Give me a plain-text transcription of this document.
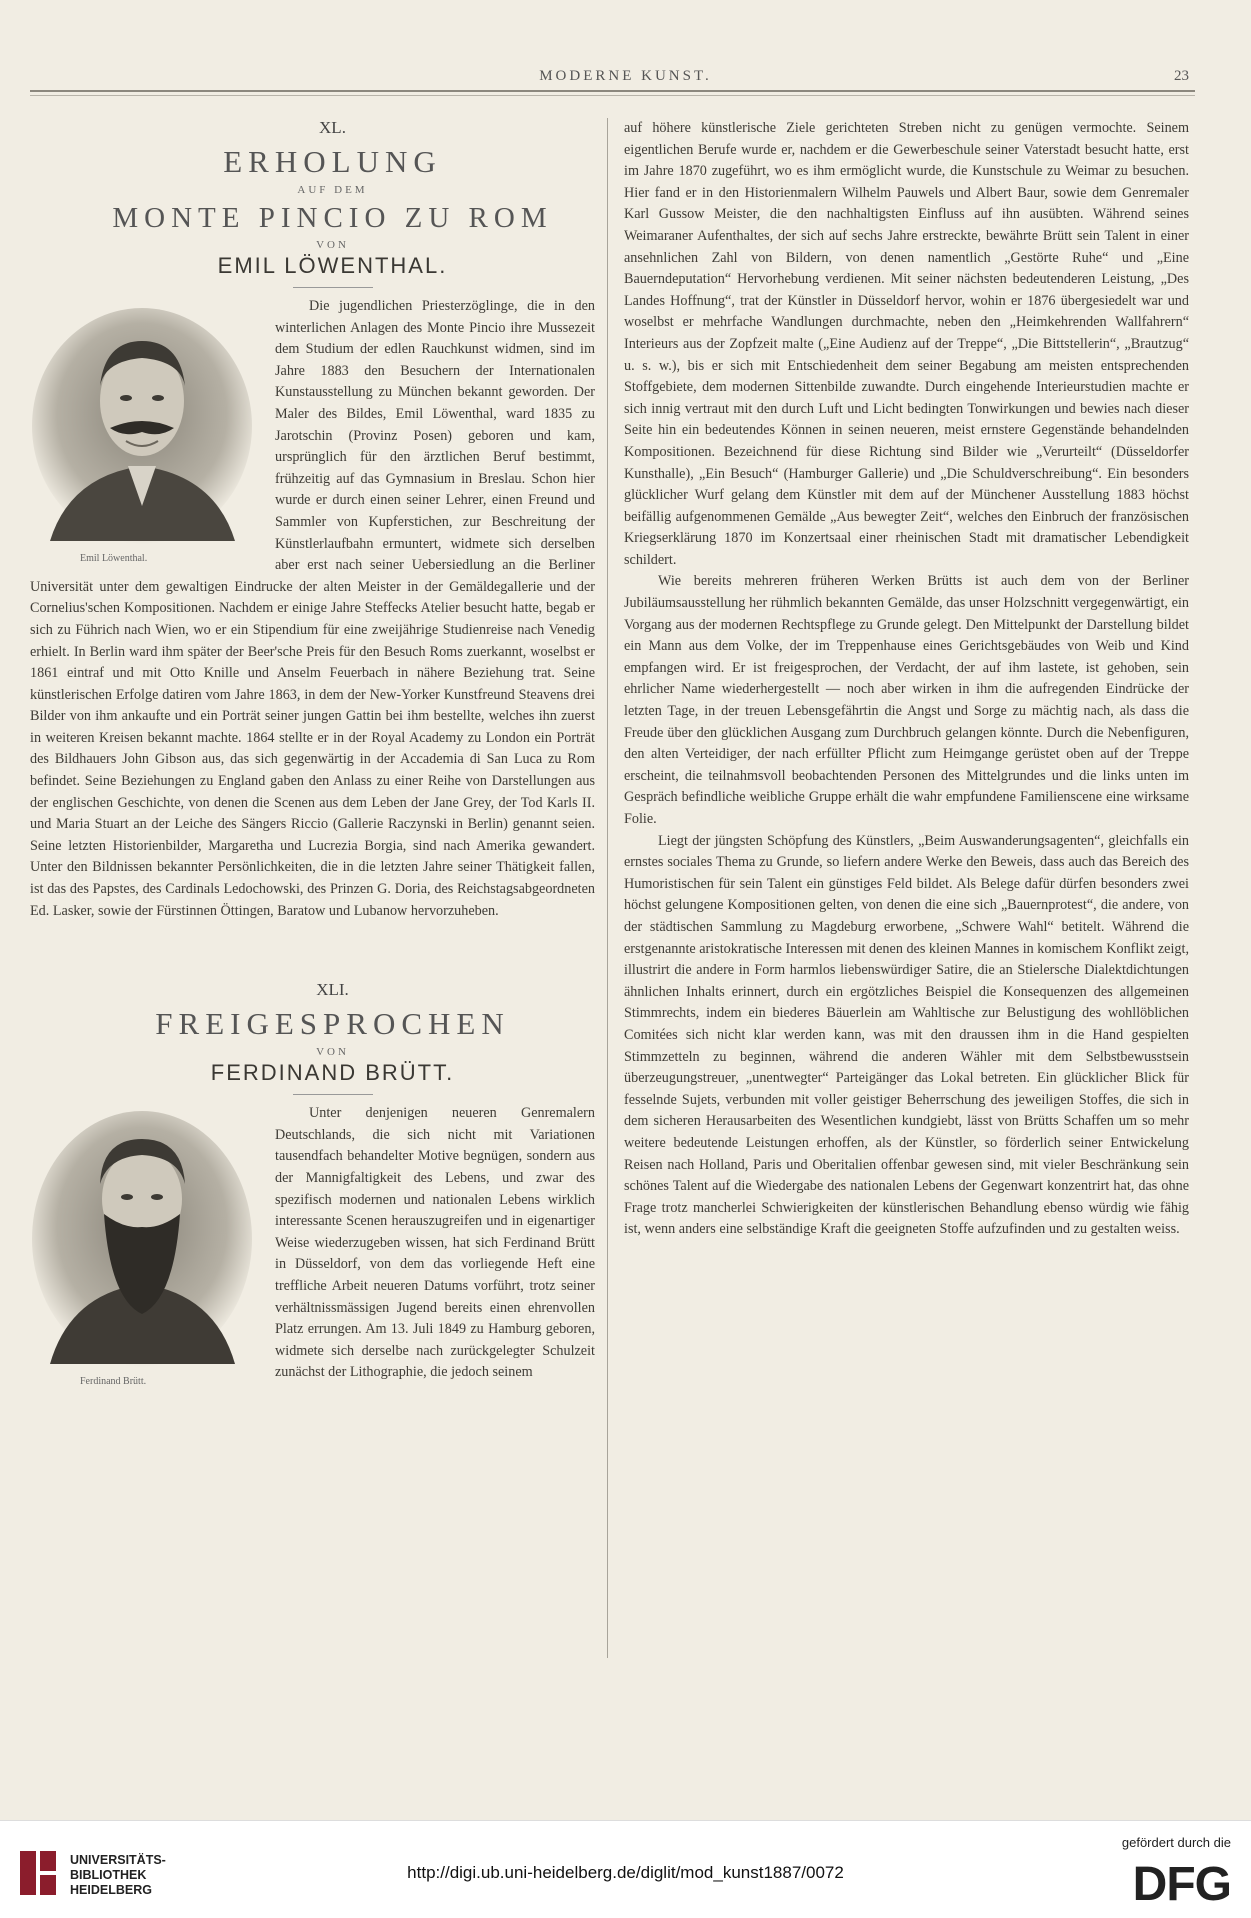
MODERNE KUNST.	23
XL.
ERHOLUNG
AUF DEM
MONTE PINCIO ZU ROM
VON
EMIL LÖWENTHAL.
Emil Löwenthal.

Die jugendlichen Priesterzöglinge, die in den winterlichen Anlagen des Monte Pincio ihre Mussezeit dem Studium der edlen Rauchkunst widmen, sind im Jahre 1883 den Besuchern der Internationalen Kunstausstellung zu München bekannt geworden. Der Maler des Bildes, Emil Löwenthal, ward 1835 zu Jarotschin (Provinz Posen) geboren und kam, ursprünglich für den ärztlichen Beruf bestimmt, frühzeitig auf das Gymnasium in Breslau. Schon hier wurde er durch einen seiner Lehrer, einen Freund und Sammler von Kupferstichen, zur Beschreitung der Künstlerlaufbahn ermuntert, widmete sich derselben aber erst nach seiner Uebersiedlung an die Berliner Universität unter dem gewaltigen Eindrucke der alten Meister in der Gemäldegallerie und der Cornelius'schen Kompositionen. Nachdem er einige Jahre Steffecks Atelier besucht hatte, begab er sich zu Führich nach Wien, wo er ein Stipendium für eine zweijährige Studienreise nach Venedig erhielt. In Berlin ward ihm später der Beer'sche Preis für den Besuch Roms zuerkannt, woselbst er 1861 eintraf und mit Otto Knille und Anselm Feuerbach in nähere Beziehung trat. Seine künstlerischen Erfolge datiren vom Jahre 1863, in dem der New-Yorker Kunstfreund Steavens drei Bilder von ihm ankaufte und ein Porträt seiner jungen Gattin bei ihm bestellte, welches ihn zuerst in weiteren Kreisen bekannt machte. 1864 stellte er in der Royal Academy zu London ein Porträt des Bildhauers John Gibson aus, das sich gegenwärtig in der Accademia di San Luca zu Rom befindet. Seine Beziehungen zu England gaben den Anlass zu einer Reihe von Darstellungen aus der englischen Geschichte, von denen die Scenen aus dem Leben der Jane Grey, der Tod Karls II. und Maria Stuart an der Leiche des Sängers Riccio (Gallerie Raczynski in Berlin) genannt seien. Seine letzten Historienbilder, Margaretha und Lucrezia Borgia, sind nach Amerika gewandert. Unter den Bildnissen bekannter Persönlichkeiten, die in die letzten Jahre seiner Thätigkeit fallen, ist das des Papstes, des Cardinals Ledochowski, des Prinzen G. Doria, des Reichstagsabgeordneten Ed. Lasker, sowie der Fürstinnen Öttingen, Baratow und Lubanow hervorzuheben.

XLI.
FREIGESPROCHEN
VON
FERDINAND BRÜTT.
Ferdinand Brütt.

Unter denjenigen neueren Genremalern Deutschlands, die sich nicht mit Variationen tausendfach behandelter Motive begnügen, sondern aus der Mannigfaltigkeit des Lebens, und zwar des spezifisch modernen und nationalen Lebens wirklich interessante Scenen herauszugreifen und in eigenartiger Weise wiederzugeben wissen, hat sich Ferdinand Brütt in Düsseldorf, von dem das vorliegende Heft eine treffliche Arbeit neueren Datums vorführt, trotz seiner verhältnissmässigen Jugend bereits einen ehrenvollen Platz errungen. Am 13. Juli 1849 zu Hamburg geboren, widmete sich derselbe nach zurückgelegter Schulzeit zunächst der Lithographie, die jedoch seinem

auf höhere künstlerische Ziele gerichteten Streben nicht zu genügen vermochte. Seinem eigentlichen Berufe wurde er, nachdem er die Gewerbeschule seiner Vaterstadt besucht hatte, erst im Jahre 1870 zugeführt, wo es ihm ermöglicht wurde, die Kunstschule zu Weimar zu besuchen. Hier fand er in den Historienmalern Wilhelm Pauwels und Albert Baur, sowie dem Genremaler Karl Gussow Meister, die den nachhaltigsten Einfluss auf ihn ausübten. Während seines Weimaraner Aufenthaltes, der sich auf sechs Jahre erstreckte, bewährte Brütt sein Talent in einer ansehnlichen Zahl von Bildern, von denen namentlich „Gestörte Ruhe“ und „Eine Bauerndeputation“ Hervorhebung verdienen. Mit seiner nächsten bedeutenderen Leistung, „Des Landes Hoffnung“, trat der Künstler in Düsseldorf hervor, wohin er 1876 übergesiedelt war und woselbst er mehrfache Wandlungen durchmachte, neben den „Heimkehrenden Wallfahrern“ Interieurs aus der Zopfzeit malte („Eine Audienz auf der Treppe“, „Die Bittstellerin“, „Brautzug“ u. s. w.), bis er sich mit Entschiedenheit dem seiner Begabung am meisten entsprechenden Stoffgebiete, dem modernen Sittenbilde zuwandte. Durch eingehende Interieurstudien machte er sich innig vertraut mit den durch Luft und Licht bedingten Tonwirkungen und bewies nach dieser Seite hin ein bedeutendes Können in seinen neueren, meist ernstere Gegenstände behandelnden Kompositionen. Bezeichnend für diese Richtung sind Bilder wie „Verurteilt“ (Düsseldorfer Kunsthalle), „Ein Besuch“ (Hamburger Gallerie) und „Die Schuldverschreibung“. Ein besonders glücklicher Wurf gelang dem Künstler mit dem auf der Münchener Ausstellung 1883 höchst beifällig aufgenommenen Gemälde „Aus bewegter Zeit“, welches den Einbruch der französischen Kriegserklärung 1870 im Konzertsaal einer rheinischen Stadt mit dramatischer Lebendigkeit schildert.

Wie bereits mehreren früheren Werken Brütts ist auch dem von der Berliner Jubiläumsausstellung her rühmlich bekannten Gemälde, das unser Holzschnitt vergegenwärtigt, ein Vorgang aus der modernen Rechtspflege zu Grunde gelegt. Den Mittelpunkt der Darstellung bildet ein Mann aus dem Volke, der im Treppenhause eines Gerichtsgebäudes von Weib und Kind empfangen wird. Er ist freigesprochen, der Verdacht, der auf ihm lastete, ist gehoben, sein ehrlicher Name wiederhergestellt — noch aber wirken in ihm die aufregenden Eindrücke der letzten Tage, in der treuen Lebensgefährtin die Angst und Sorge zu mächtig nach, als dass die Freude über den glücklichen Ausgang zum Durchbruch gelangen könnte. Durch die Nebenfiguren, den alten Verteidiger, der nach erfüllter Pflicht zum Heimgange gerüstet oben auf der Treppe erscheint, die teilnahmsvoll beobachtenden Personen des Mittelgrundes und die links unten im Gespräch befindliche weibliche Gruppe erhält die wahr empfundene Familienscene eine wirksame Folie.

Liegt der jüngsten Schöpfung des Künstlers, „Beim Auswanderungsagenten“, gleichfalls ein ernstes sociales Thema zu Grunde, so liefern andere Werke den Beweis, dass auch das Bereich des Humoristischen für sein Talent ein günstiges Feld bildet. Als Belege dafür dürfen besonders zwei höchst gelungene Kompositionen gelten, von denen die eine sich „Bauernprotest“, die andere, von der städtischen Sammlung zu Magdeburg erworbene, „Schwere Wahl“ betitelt. Während die erstgenannte aristokratische Interessen mit denen des kleinen Mannes in komischem Konflikt zeigt, illustrirt die andere in Form harmlos liebenswürdiger Satire, die an Stielersche Dialektdichtungen ähnlichen Inhalts erinnert, durch ein ergötzliches Beispiel die Konsequenzen des allgemeinen Stimmrechts, indem ein biederes Bäuerlein am Wahltische zur Belustigung des wohllöblichen Comitées sich nicht klar werden kann, was mit den draussen ihm in die Hand gespielten Stimmzetteln zu beginnen, während die anderen Wähler mit dem Selbstbewusstsein überzeugungstreuer, „unentwegter“ Parteigänger das Lokal betreten. Ein glücklicher Blick für fesselnde Sujets, verbunden mit voller geistiger Beherrschung des jeweiligen Stoffes, die sich in dem sicheren Herausarbeiten des Wesentlichen kundgiebt, lässt von Brütts Schaffen um so mehr weitere bedeutende Leistungen erhoffen, als der Künstler, so förderlich seiner Entwickelung Reisen nach Holland, Paris und Oberitalien offenbar gewesen sind, mit vieler Beschränkung sein schönes Talent auf die Wiedergabe des nationalen Lebens der Gegenwart konzentrirt hat, das ohne Frage trotz mancherlei Schwierigkeiten der künstlerischen Behandlung ebenso würdig wie fähig ist, wenn anders eine selbständige Kraft die geeigneten Stoffe aufzufinden und zu gestalten weiss.

UNIVERSITÄTS-
BIBLIOTHEK
HEIDELBERG
http://digi.ub.uni-heidelberg.de/diglit/mod_kunst1887/0072
gefördert durch die
DFG
